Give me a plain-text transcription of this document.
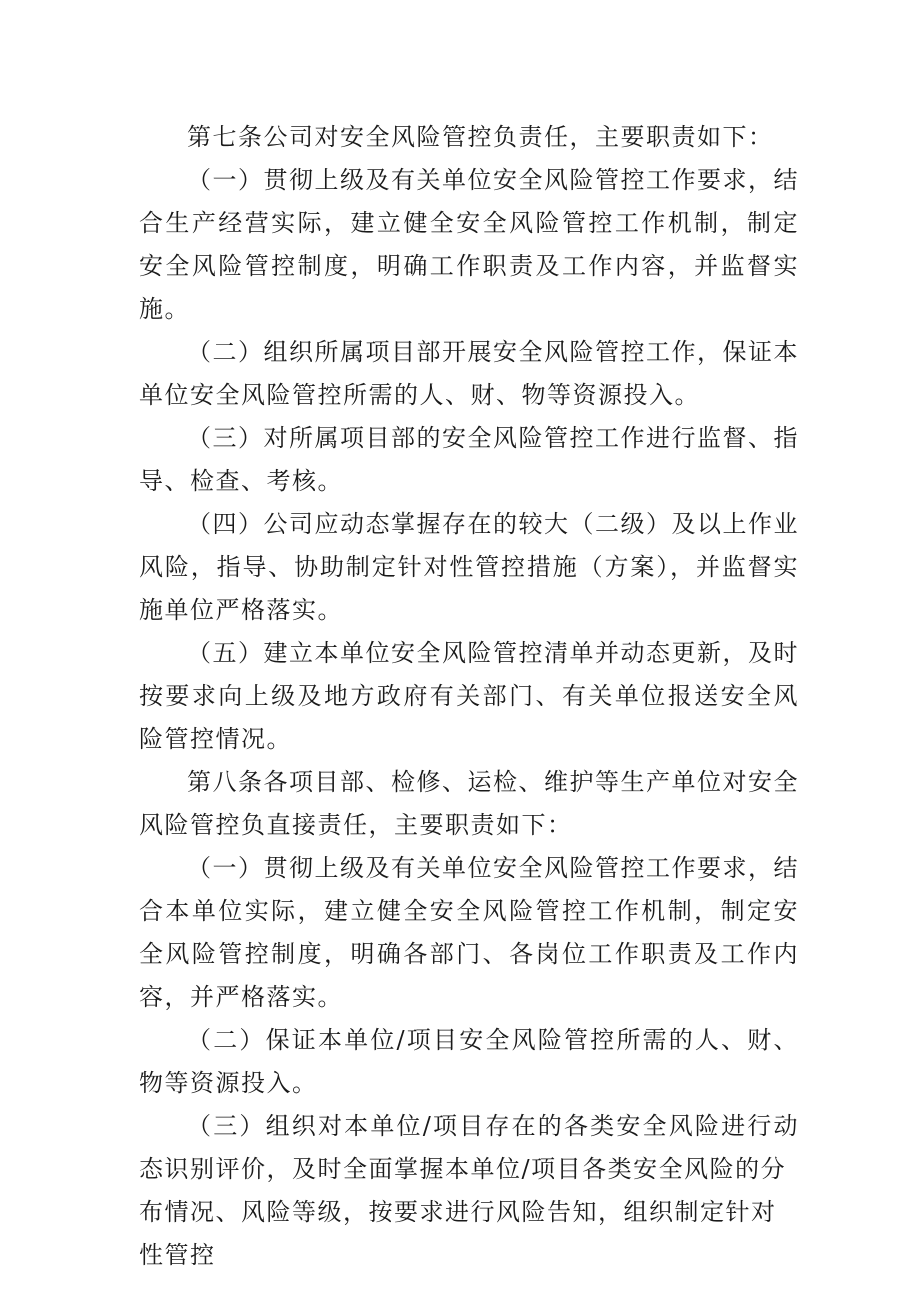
第七条公司对安全风险管控负责任，主要职责如下：

（一）贯彻上级及有关单位安全风险管控工作要求，结合生产经营实际，建立健全安全风险管控工作机制，制定安全风险管控制度，明确工作职责及工作内容，并监督实施。

（二）组织所属项目部开展安全风险管控工作，保证本单位安全风险管控所需的人、财、物等资源投入。

（三）对所属项目部的安全风险管控工作进行监督、指导、检查、考核。

（四）公司应动态掌握存在的较大（二级）及以上作业风险，指导、协助制定针对性管控措施（方案），并监督实施单位严格落实。

（五）建立本单位安全风险管控清单并动态更新，及时按要求向上级及地方政府有关部门、有关单位报送安全风险管控情况。

第八条各项目部、检修、运检、维护等生产单位对安全风险管控负直接责任，主要职责如下：

（一）贯彻上级及有关单位安全风险管控工作要求，结合本单位实际，建立健全安全风险管控工作机制，制定安全风险管控制度，明确各部门、各岗位工作职责及工作内容，并严格落实。

（二）保证本单位/项目安全风险管控所需的人、财、物等资源投入。

（三）组织对本单位/项目存在的各类安全风险进行动态识别评价，及时全面掌握本单位/项目各类安全风险的分

布情况、风险等级，按要求进行风险告知，组织制定针对性管控
